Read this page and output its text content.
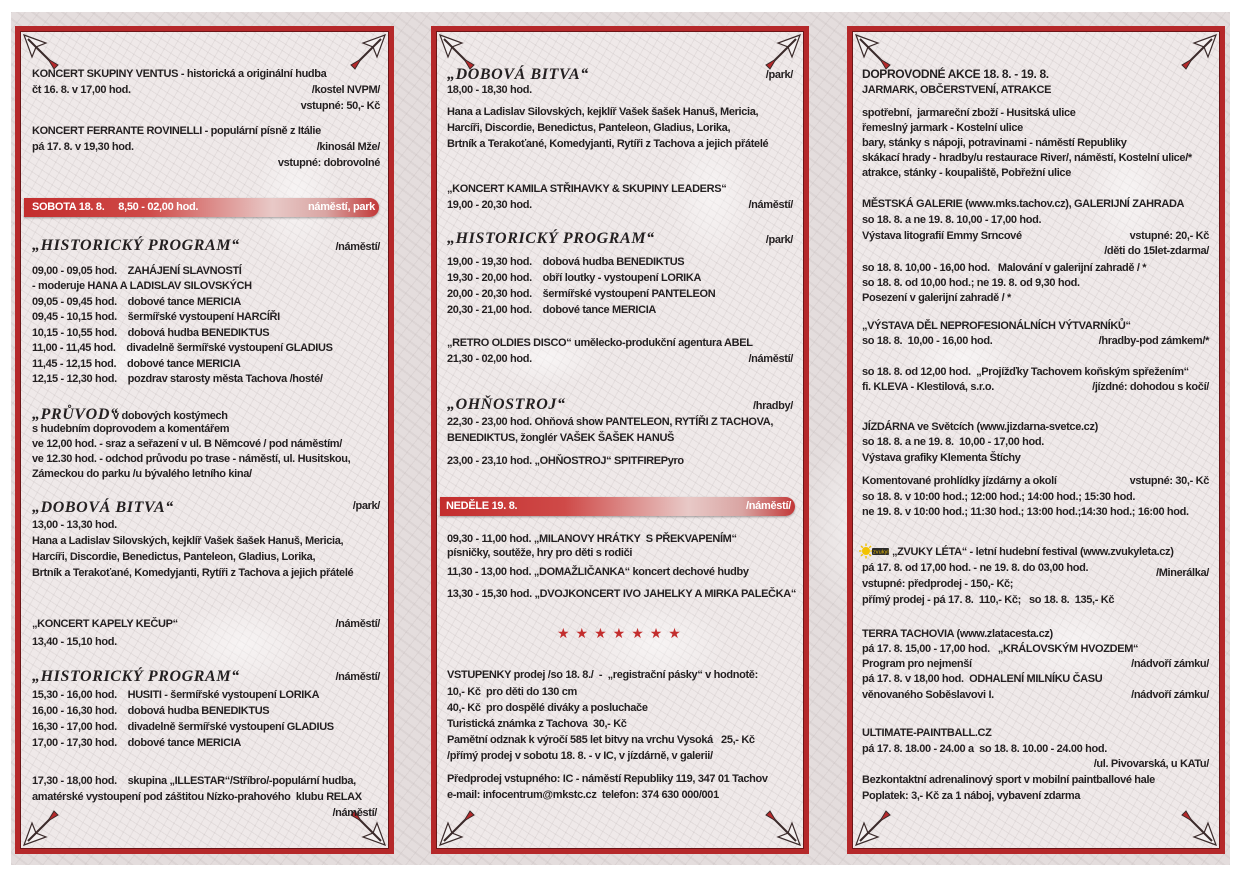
KONCERT SKUPINY VENTUS - historická a originální hudba
čt 16. 8. v 17,00 hod.	/kostel NVPM/
vstupné: 50,- Kč
KONCERT FERRANTE ROVINELLI - populární písně z Itálie
pá 17. 8. v 19,30 hod.	/kinosál Mže/
vstupné: dobrovolné
SOBOTA 18. 8.     8,50 - 02,00 hod.	náměstí, park
„HISTORICKÝ PROGRAM“	/náměstí/
09,00 - 09,05 hod.    ZAHÁJENÍ SLAVNOSTÍ
- moderuje HANA A LADISLAV SILOVSKÝCH
09,05 - 09,45 hod.    dobové tance MERICIA
09,45 - 10,15 hod.    šermířské vystoupení HARCÍŘI
10,15 - 10,55 hod.    dobová hudba BENEDIKTUS
11,00 - 11,45 hod.    divadelně šermířské vystoupení GLADIUS
11,45 - 12,15 hod.    dobové tance MERICIA
12,15 - 12,30 hod.    pozdrav starosty města Tachova /hosté/
„PRŮVOD“
v dobových kostýmech
s hudebním doprovodem a komentářem
ve 12,00 hod. - sraz a seřazení v ul. B Němcové / pod náměstím/
ve 12.30 hod. - odchod průvodu po trase - náměstí, ul. Husitskou,
Zámeckou do parku /u bývalého letního kina/
„DOBOVÁ BITVA“	/park/
13,00 - 13,30 hod.
Hana a Ladislav Silovských, kejklíř Vašek šašek Hanuš, Mericia,
Harcíři, Discordie, Benedictus, Panteleon, Gladius, Lorika,
Brtník a Terakoťané, Komedyjanti, Rytíři z Tachova a jejich přátelé
„KONCERT KAPELY KEČUP“	/náměstí/
13,40 - 15,10 hod.
„HISTORICKÝ PROGRAM“	/náměstí/
15,30 - 16,00 hod.    HUSITI - šermířské vystoupení LORIKA
16,00 - 16,30 hod.    dobová hudba BENEDIKTUS
16,30 - 17,00 hod.    divadelně šermířské vystoupení GLADIUS
17,00 - 17,30 hod.    dobové tance MERICIA
17,30 - 18,00 hod.    skupina „ILLESTAR“/Stříbro/-populární hudba,
amatérské vystoupení pod záštitou Nízko-prahového  klubu RELAX
/náměstí/
„DOBOVÁ BITVA“	/park/
18,00 - 18,30 hod.
Hana a Ladislav Silovských, kejklíř Vašek šašek Hanuš, Mericia,
Harcíři, Discordie, Benedictus, Panteleon, Gladius, Lorika,
Brtník a Terakoťané, Komedyjanti, Rytíři z Tachova a jejich přátelé
„KONCERT KAMILA STŘIHAVKY & SKUPINY LEADERS“
19,00 - 20,30 hod.	/náměstí/
„HISTORICKÝ PROGRAM“	/park/
19,00 - 19,30 hod.    dobová hudba BENEDIKTUS
19,30 - 20,00 hod.    obří loutky - vystoupení LORIKA
20,00 - 20,30 hod.    šermířské vystoupení PANTELEON
20,30 - 21,00 hod.    dobové tance MERICIA
„RETRO OLDIES DISCO“ umělecko-produkční agentura ABEL
21,30 - 02,00 hod.	/náměstí/
„OHŇOSTROJ“	/hradby/
22,30 - 23,00 hod. Ohňová show PANTELEON, RYTÍŘI Z TACHOVA,
BENEDIKTUS, žonglér VAŠEK ŠAŠEK HANUŠ
23,00 - 23,10 hod. „OHŇOSTROJ“ SPITFIREPyro
NEDĚLE 19. 8.	/náměstí/
09,30 - 11,00 hod. „MILANOVY HRÁTKY  S PŘEKVAPENÍM“
písničky, soutěže, hry pro děti s rodiči
11,30 - 13,00 hod. „DOMAŽLIČANKA“ koncert dechové hudby
13,30 - 15,30 hod. „DVOJKONCERT IVO JAHELKY A MIRKA PALEČKA“
★★★★★★★
VSTUPENKY prodej /so 18. 8./  -  „registrační pásky“ v hodnotě:
10,- Kč  pro děti do 130 cm
40,- Kč  pro dospělé diváky a posluchače
Turistická známka z Tachova  30,- Kč
Pamětní odznak k výročí 585 let bitvy na vrchu Vysoká   25,- Kč
/přímý prodej v sobotu 18. 8. - v IC, v jízdárně, v galerii/
Předprodej vstupného: IC - náměstí Republiky 119, 347 01 Tachov
e-mail: infocentrum@mkstc.cz  telefon: 374 630 000/001
DOPROVODNÉ AKCE 18. 8. - 19. 8.
JARMARK, OBČERSTVENÍ, ATRAKCE
spotřební,  jarmareční zboží - Husitská ulice
řemeslný jarmark - Kostelní ulice
bary, stánky s nápoji, potravinami - náměstí Republiky
skákací hrady - hradby/u restaurace River/, náměstí, Kostelní ulice/*
atrakce, stánky - koupaliště, Pobřežní ulice
MĚSTSKÁ GALERIE (www.mks.tachov.cz), GALERIJNÍ ZAHRADA
so 18. 8. a ne 19. 8. 10,00 - 17,00 hod.
Výstava litografií Emmy Srncové	vstupné: 20,- Kč
/děti do 15let-zdarma/
so 18. 8. 10,00 - 16,00 hod.   Malování v galerijní zahradě / *
so 18. 8. od 10,00 hod.; ne 19. 8. od 9,30 hod.
Posezení v galerijní zahradě / *
„VÝSTAVA DĚL NEPROFESIONÁLNÍCH VÝTVARNÍKŮ“
so 18. 8.  10,00 - 16,00 hod.	/hradby-pod zámkem/*
so 18. 8. od 12,00 hod.  „Projížďky Tachovem koňským spřežením“
fi. KLEVA - Klestilová, s.r.o.	/jízdné: dohodou s kočí/
JÍZDÁRNA ve Světcích (www.jizdarna-svetce.cz)
so 18. 8. a ne 19. 8.  10,00 - 17,00 hod.
Výstava grafiky Klementa Štíchy
Komentované prohlídky jízdárny a okolí	vstupné: 30,- Kč
so 18. 8. v 10:00 hod.; 12:00 hod.; 14:00 hod.; 15:30 hod.
ne 19. 8. v 10:00 hod.; 11:30 hod.; 13:00 hod.;14:30 hod.; 16:00 hod.
zvukyl „ZVUKY LÉTA“ - letní hudební festival (www.zvukyleta.cz)
pá 17. 8. od 17,00 hod. - ne 19. 8. do 03,00 hod.	/Minerálka/
vstupné: předprodej - 150,- Kč;
přímý prodej - pá 17. 8.  110,- Kč;   so 18. 8.  135,- Kč
TERRA TACHOVIA (www.zlatacesta.cz)
pá 17. 8. 15,00 - 17,00 hod.   „KRÁLOVSKÝM HVOZDEM“
Program pro nejmenší	/nádvoří zámku/
pá 17. 8. v 18,00 hod.  ODHALENÍ MILNÍKU ČASU
věnovaného Soběslavovi I.	/nádvoří zámku/
ULTIMATE-PAINTBALL.CZ
pá 17. 8. 18.00 - 24.00 a  so 18. 8. 10.00 - 24.00 hod.
/ul. Pivovarská, u KATu/
Bezkontaktní adrenalinový sport v mobilní paintballové hale
Poplatek: 3,- Kč za 1 náboj, vybavení zdarma
